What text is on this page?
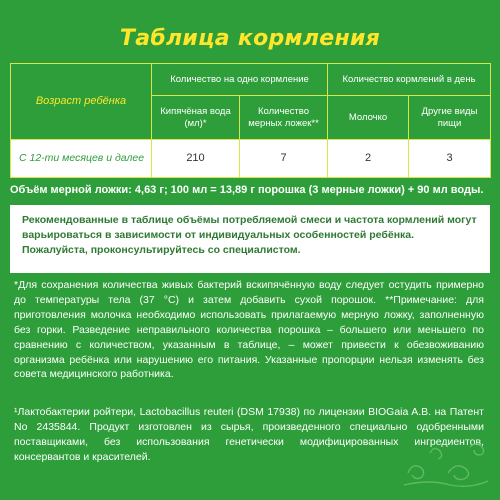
Таблица кормления
Возраст ребёнка	Количество на одно кормление		Количество кормлений в день	
	Кипячёная вода (мл)*	Количество мерных ложек**	Молочко	Другие виды пищи
С 12-ти месяцев и далее	210	7	2	3
Объём мерной ложки: 4,63 г; 100 мл = 13,89 г порошка (3 мерные ложки) + 90 мл воды.
Рекомендованные в таблице объёмы потребляемой смеси и частота кормлений могут варьироваться в зависимости от индивидуальных особенностей ребёнка. Пожалуйста, проконсультируйтесь со специалистом.
*Для сохранения количества живых бактерий вскипячённую воду следует остудить примерно до температуры тела (37 °C) и затем добавить сухой порошок. **Примечание: для приготовления молочка необходимо использовать прилагаемую мерную ложку, заполненную без горки. Разведение неправильного количества порошка – большего или меньшего по сравнению с количеством, указанным в таблице, – может привести к обезвоживанию организма ребёнка или нарушению его питания. Указанные пропорции нельзя изменять без совета медицинского работника.
¹Лактобактерии ройтери, Lactobacillus reuteri (DSM 17938) по лицензии BIOGaia A.B. на Патент No 2435844. Продукт изготовлен из сырья, произведенного специально одобренными поставщиками, без использования генетически модифицированных ингредиентов, консервантов и красителей.
